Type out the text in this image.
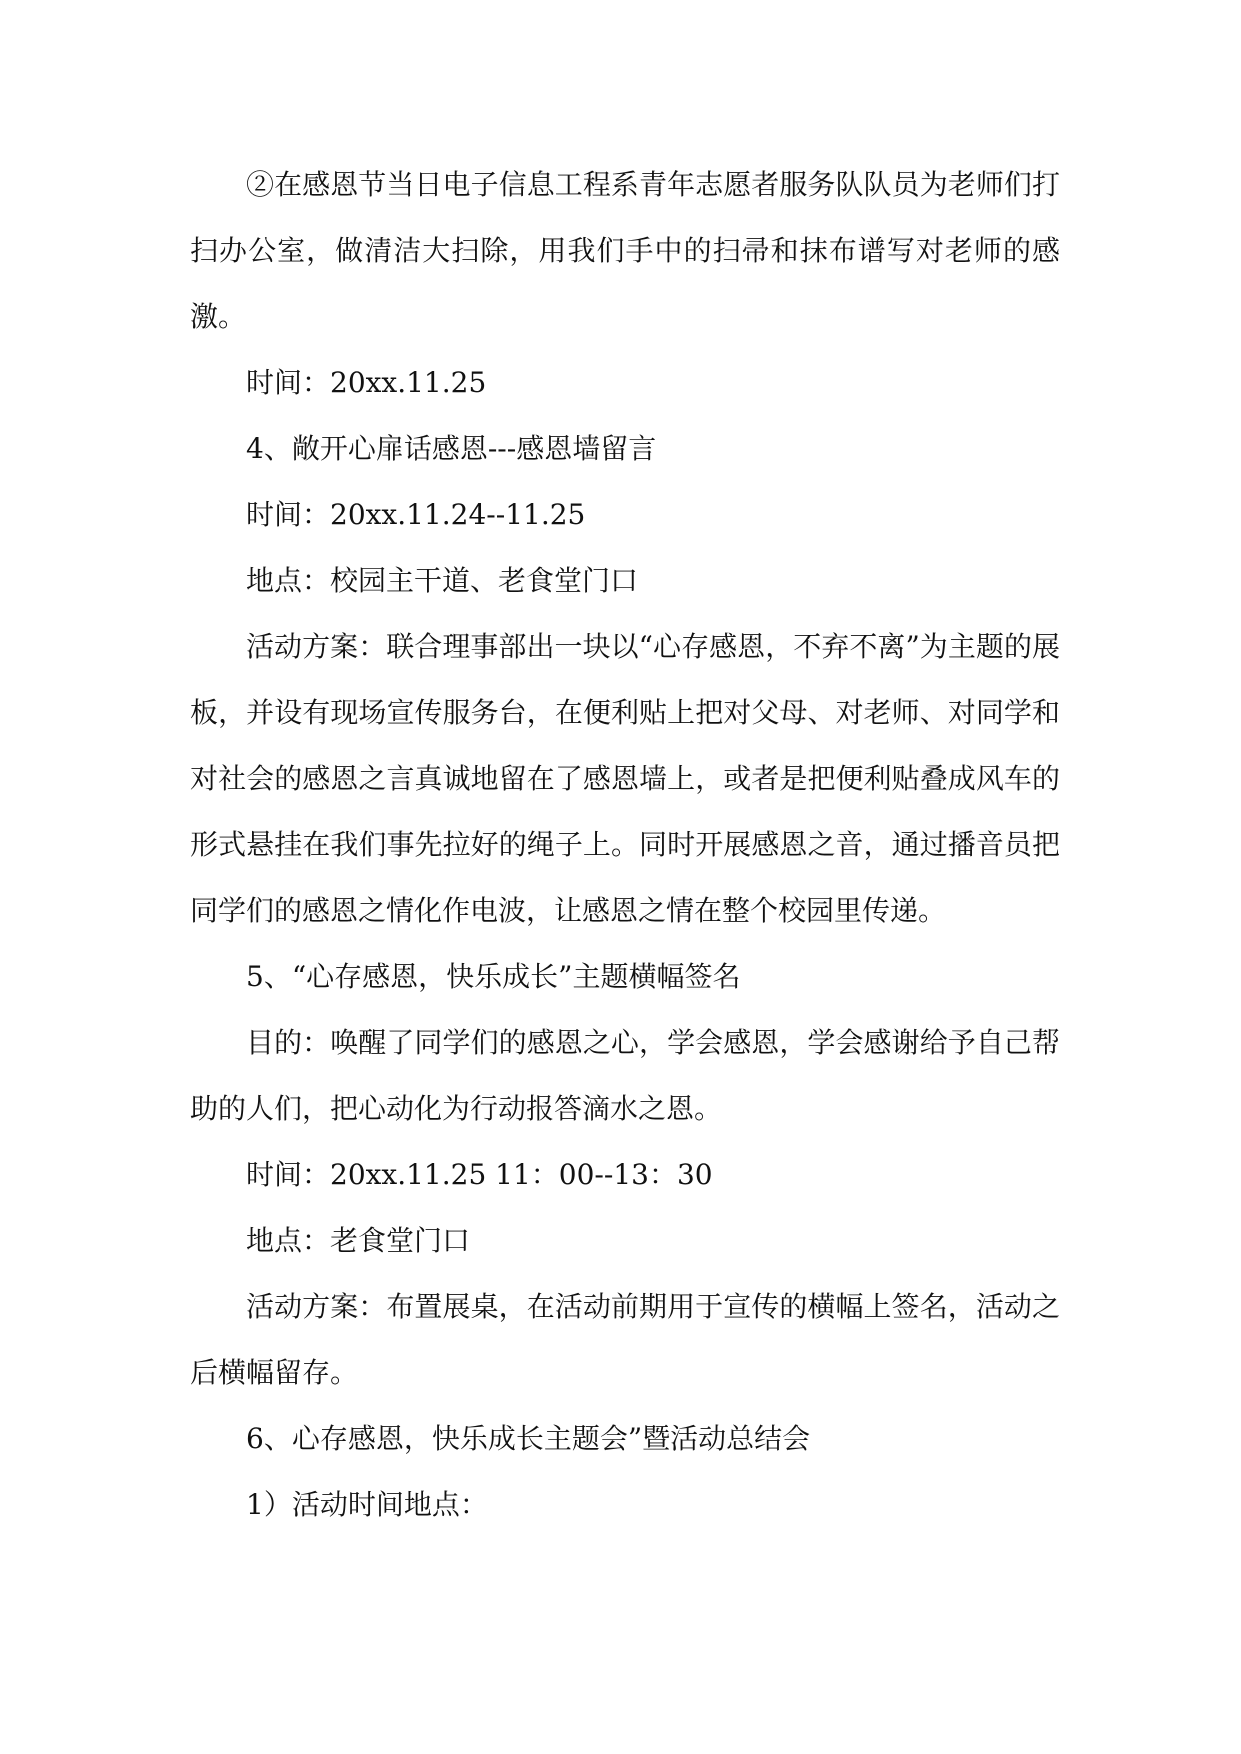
②在感恩节当日电子信息工程系青年志愿者服务队队员为老师们打扫办公室，做清洁大扫除，用我们手中的扫帚和抹布谱写对老师的感激。

时间：20xx.11.25

4、敞开心扉话感恩---感恩墙留言

时间：20xx.11.24--11.25

地点：校园主干道、老食堂门口

活动方案：联合理事部出一块以“心存感恩，不弃不离”为主题的展板，并设有现场宣传服务台，在便利贴上把对父母、对老师、对同学和对社会的感恩之言真诚地留在了感恩墙上，或者是把便利贴叠成风车的形式悬挂在我们事先拉好的绳子上。同时开展感恩之音，通过播音员把同学们的感恩之情化作电波，让感恩之情在整个校园里传递。

5、“心存感恩，快乐成长”主题横幅签名

目的：唤醒了同学们的感恩之心，学会感恩，学会感谢给予自己帮助的人们，把心动化为行动报答滴水之恩。

时间：20xx.11.25 11：00--13：30

地点：老食堂门口

活动方案：布置展桌，在活动前期用于宣传的横幅上签名，活动之后横幅留存。

6、心存感恩，快乐成长主题会”暨活动总结会

1）活动时间地点：
